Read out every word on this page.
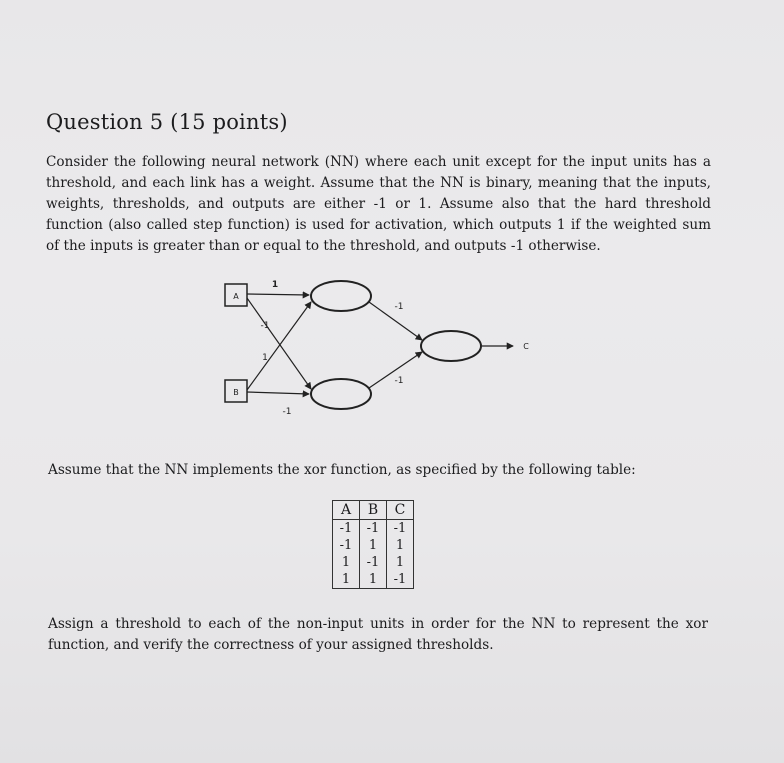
Question 5 (15 points)

Consider the following neural network (NN) where each unit except for the input units has a threshold, and each link has a weight. Assume that the NN is binary, meaning that the inputs, weights, thresholds, and outputs are either -1 or 1. Assume also that the hard threshold function (also called step function) is used for activation, which outputs 1 if the weighted sum of the inputs is greater than or equal to the threshold, and outputs -1 otherwise.

A
B
1
-1
1
-1
-1
-1
C

Assume that the NN implements the xor function, as specified by the following table:

A	B	C
-1	-1	-1
-1	1	1
1	-1	1
1	1	-1

Assign a threshold to each of the non-input units in order for the NN to represent the xor function, and verify the correctness of your assigned thresholds.
